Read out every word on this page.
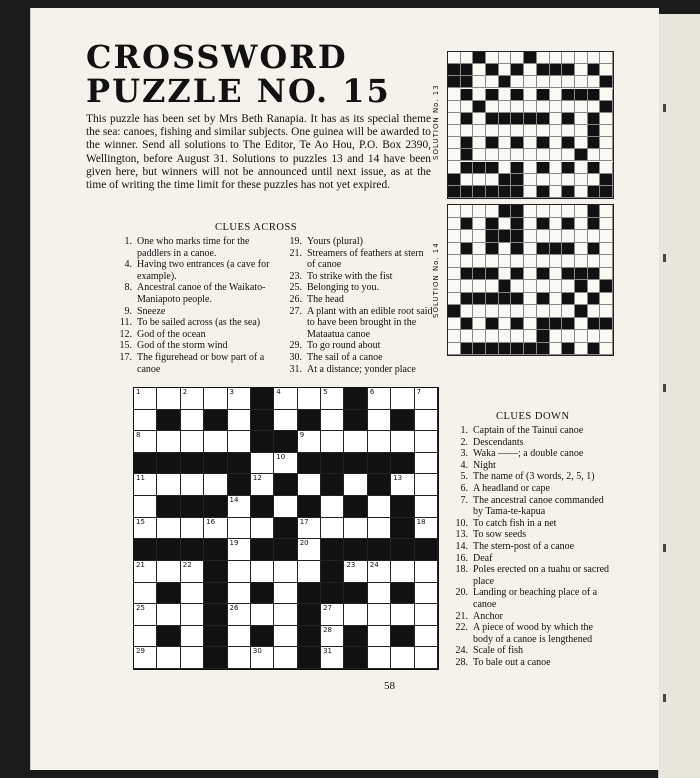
CROSSWORD PUZZLE NO. 15

This puzzle has been set by Mrs Beth Ranapia. It has as its special theme the sea: canoes, fishing and similar subjects. One guinea will be awarded to the winner. Send all solutions to The Editor, Te Ao Hou, P.O. Box 2390, Wellington, before August 31. Solutions to puzzles 13 and 14 have been given here, but winners will not be announced until next issue, as at the time of writing the time limit for these puzzles has not yet expired.

CLUES ACROSS
1. One who marks time for the paddlers in a canoe.
4. Having two entrances (a cave for example).
8. Ancestral canoe of the Waikato-Maniapoto people.
9. Sneeze
11. To be sailed across (as the sea)
12. God of the ocean
15. God of the storm wind
17. The figurehead or bow part of a canoe
19. Yours (plural)
21. Streamers of feathers at stern of canoe
23. To strike with the fist
25. Belonging to you.
26. The head
27. A plant with an edible root said to have been brought in the Mataatua canoe
29. To go round about
30. The sail of a canoe
31. At a distance; yonder place
SOLUTION No. 13
SOLUTION No. 14
1	2	3	4	5	6	7
8	9
10
11	12	13
14
15	16	17	18
19	20
21	22	23 24
25	26	27
28
29	30	31
CLUES DOWN
1. Captain of the Tainui canoe
2. Descendants
3. Waka ——; a double canoe
4. Night
5. The name of (3 words, 2, 5, 1)
6. A headland or cape
7. The ancestral canoe commanded by Tama-te-kapua
10. To catch fish in a net
13. To sow seeds
14. The stern-post of a canoe
16. Deaf
18. Poles erected on a tuahu or sacred place
20. Landing or beaching place of a canoe
21. Anchor
22. A piece of wood by which the body of a canoe is lengthened
24. Scale of fish
28. To bale out a canoe
58
